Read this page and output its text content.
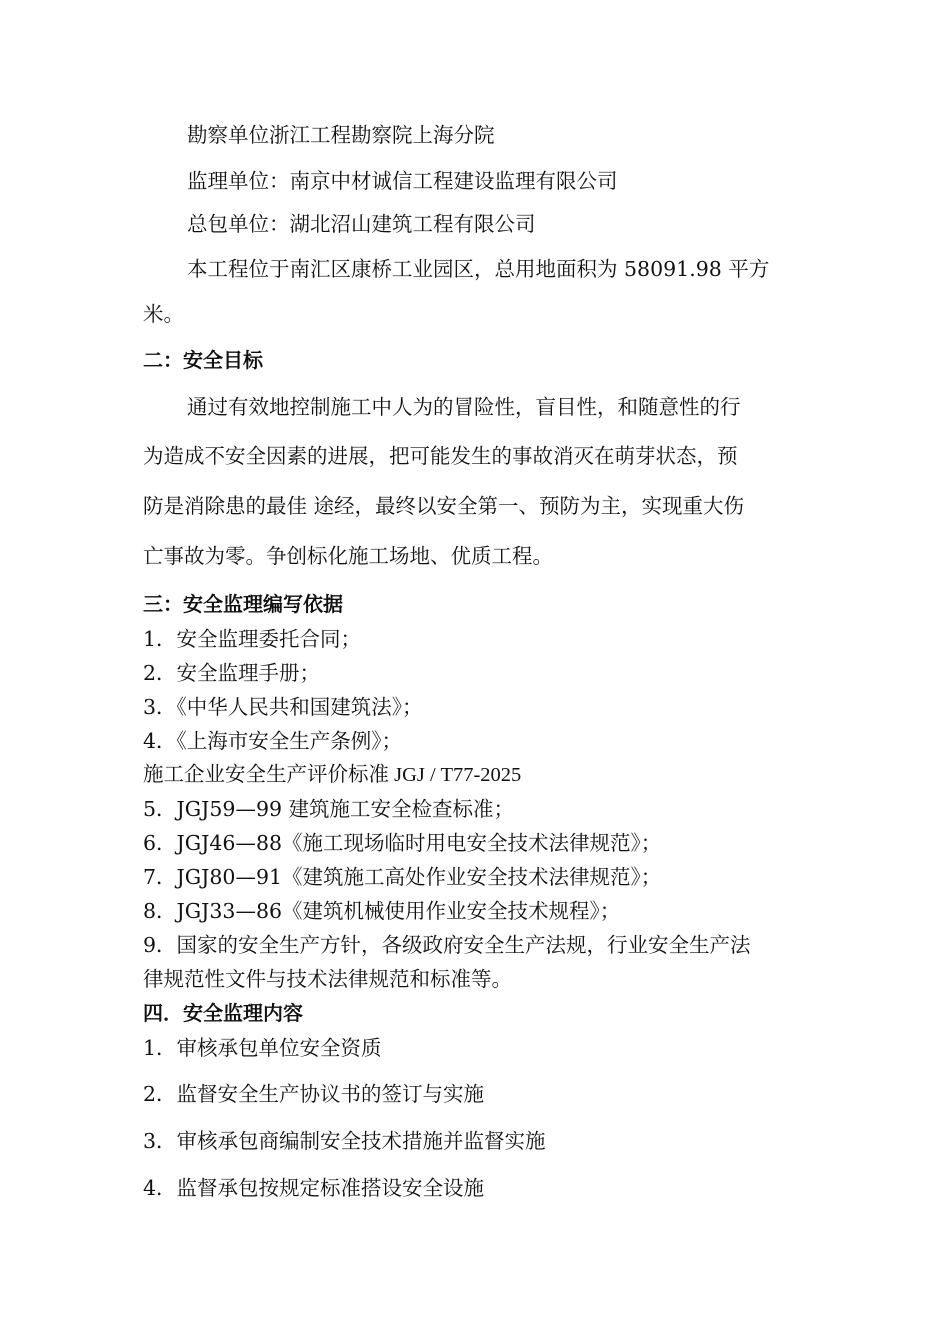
勘察单位浙江工程勘察院上海分院
监理单位：南京中材诚信工程建设监理有限公司
总包单位：湖北沼山建筑工程有限公司
本工程位于南汇区康桥工业园区，总用地面积为 58091.98 平方
米。
二：安全目标
通过有效地控制施工中人为的冒险性，盲目性，和随意性的行
为造成不安全因素的进展，把可能发生的事故消灭在萌芽状态，预
防是消除患的最佳 途经，最终以安全第一、预防为主，实现重大伤
亡事故为零。争创标化施工场地、优质工程。
三：安全监理编写依据
1．安全监理委托合同；
2．安全监理手册；
3．《中华人民共和国建筑法》；
4．《上海市安全生产条例》；
施工企业安全生产评价标准 JGJ / T77-2025
5．JGJ59—99 建筑施工安全检查标准；
6．JGJ46—88《施工现场临时用电安全技术法律规范》；
7．JGJ80—91《建筑施工高处作业安全技术法律规范》；
8．JGJ33—86《建筑机械使用作业安全技术规程》；
9．国家的安全生产方针，各级政府安全生产法规，行业安全生产法
律规范性文件与技术法律规范和标准等。
四．安全监理内容
1．审核承包单位安全资质
2．监督安全生产协议书的签订与实施
3．审核承包商编制安全技术措施并监督实施
4．监督承包按规定标准搭设安全设施
